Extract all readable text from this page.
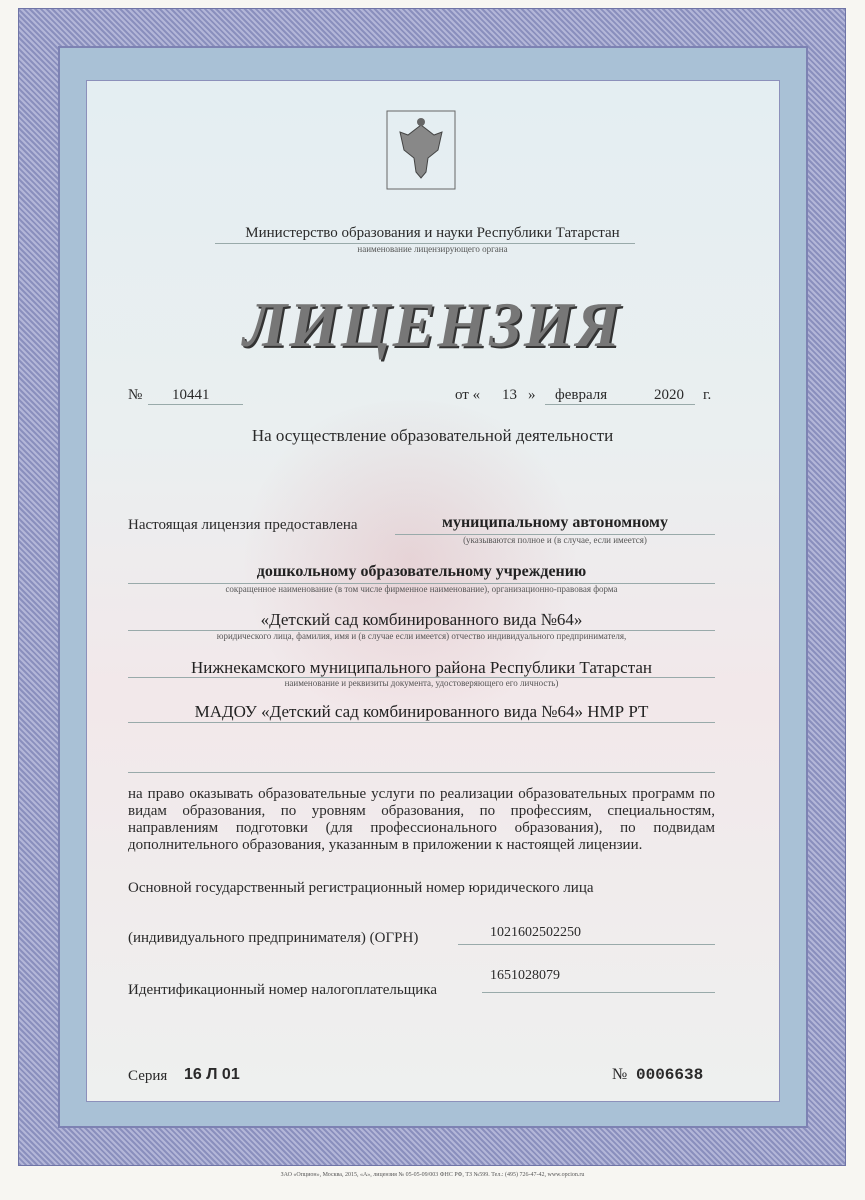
Министерство образования и науки Республики Татарстан
наименование лицензирующего органа
ЛИЦЕНЗИЯ
№ 10441	от « 13 » февраля	2020 г.
На осуществление образовательной деятельности
Настоящая лицензия предоставлена	муниципальному автономному
(указываются полное и (в случае, если имеется)
дошкольному образовательному учреждению
сокращенное наименование (в том числе фирменное наименование), организационно-правовая форма
«Детский сад комбинированного вида №64»
юридического лица, фамилия, имя и (в случае если имеется) отчество индивидуального предпринимателя,
Нижнекамского муниципального района Республики Татарстан
наименование и реквизиты документа, удостоверяющего его личность)
МАДОУ «Детский сад комбинированного вида №64» НМР РТ
на право оказывать образовательные услуги по реализации образовательных программ по видам образования, по уровням образования, по профессиям, специальностям, направлениям подготовки (для профессионального образования), по подвидам дополнительного образования, указанным в приложении к настоящей лицензии.
Основной государственный регистрационный номер юридического лица
(индивидуального предпринимателя) (ОГРН)	1021602502250
Идентификационный номер налогоплательщика
1651028079
Серия 16 Л 01	№ 0006638
ЗАО «Опцион», Москва, 2015, «А», лицензия № 05-05-09/003 ФНС РФ, ТЗ №599. Тел.: (495) 726-47-42, www.opcion.ru
